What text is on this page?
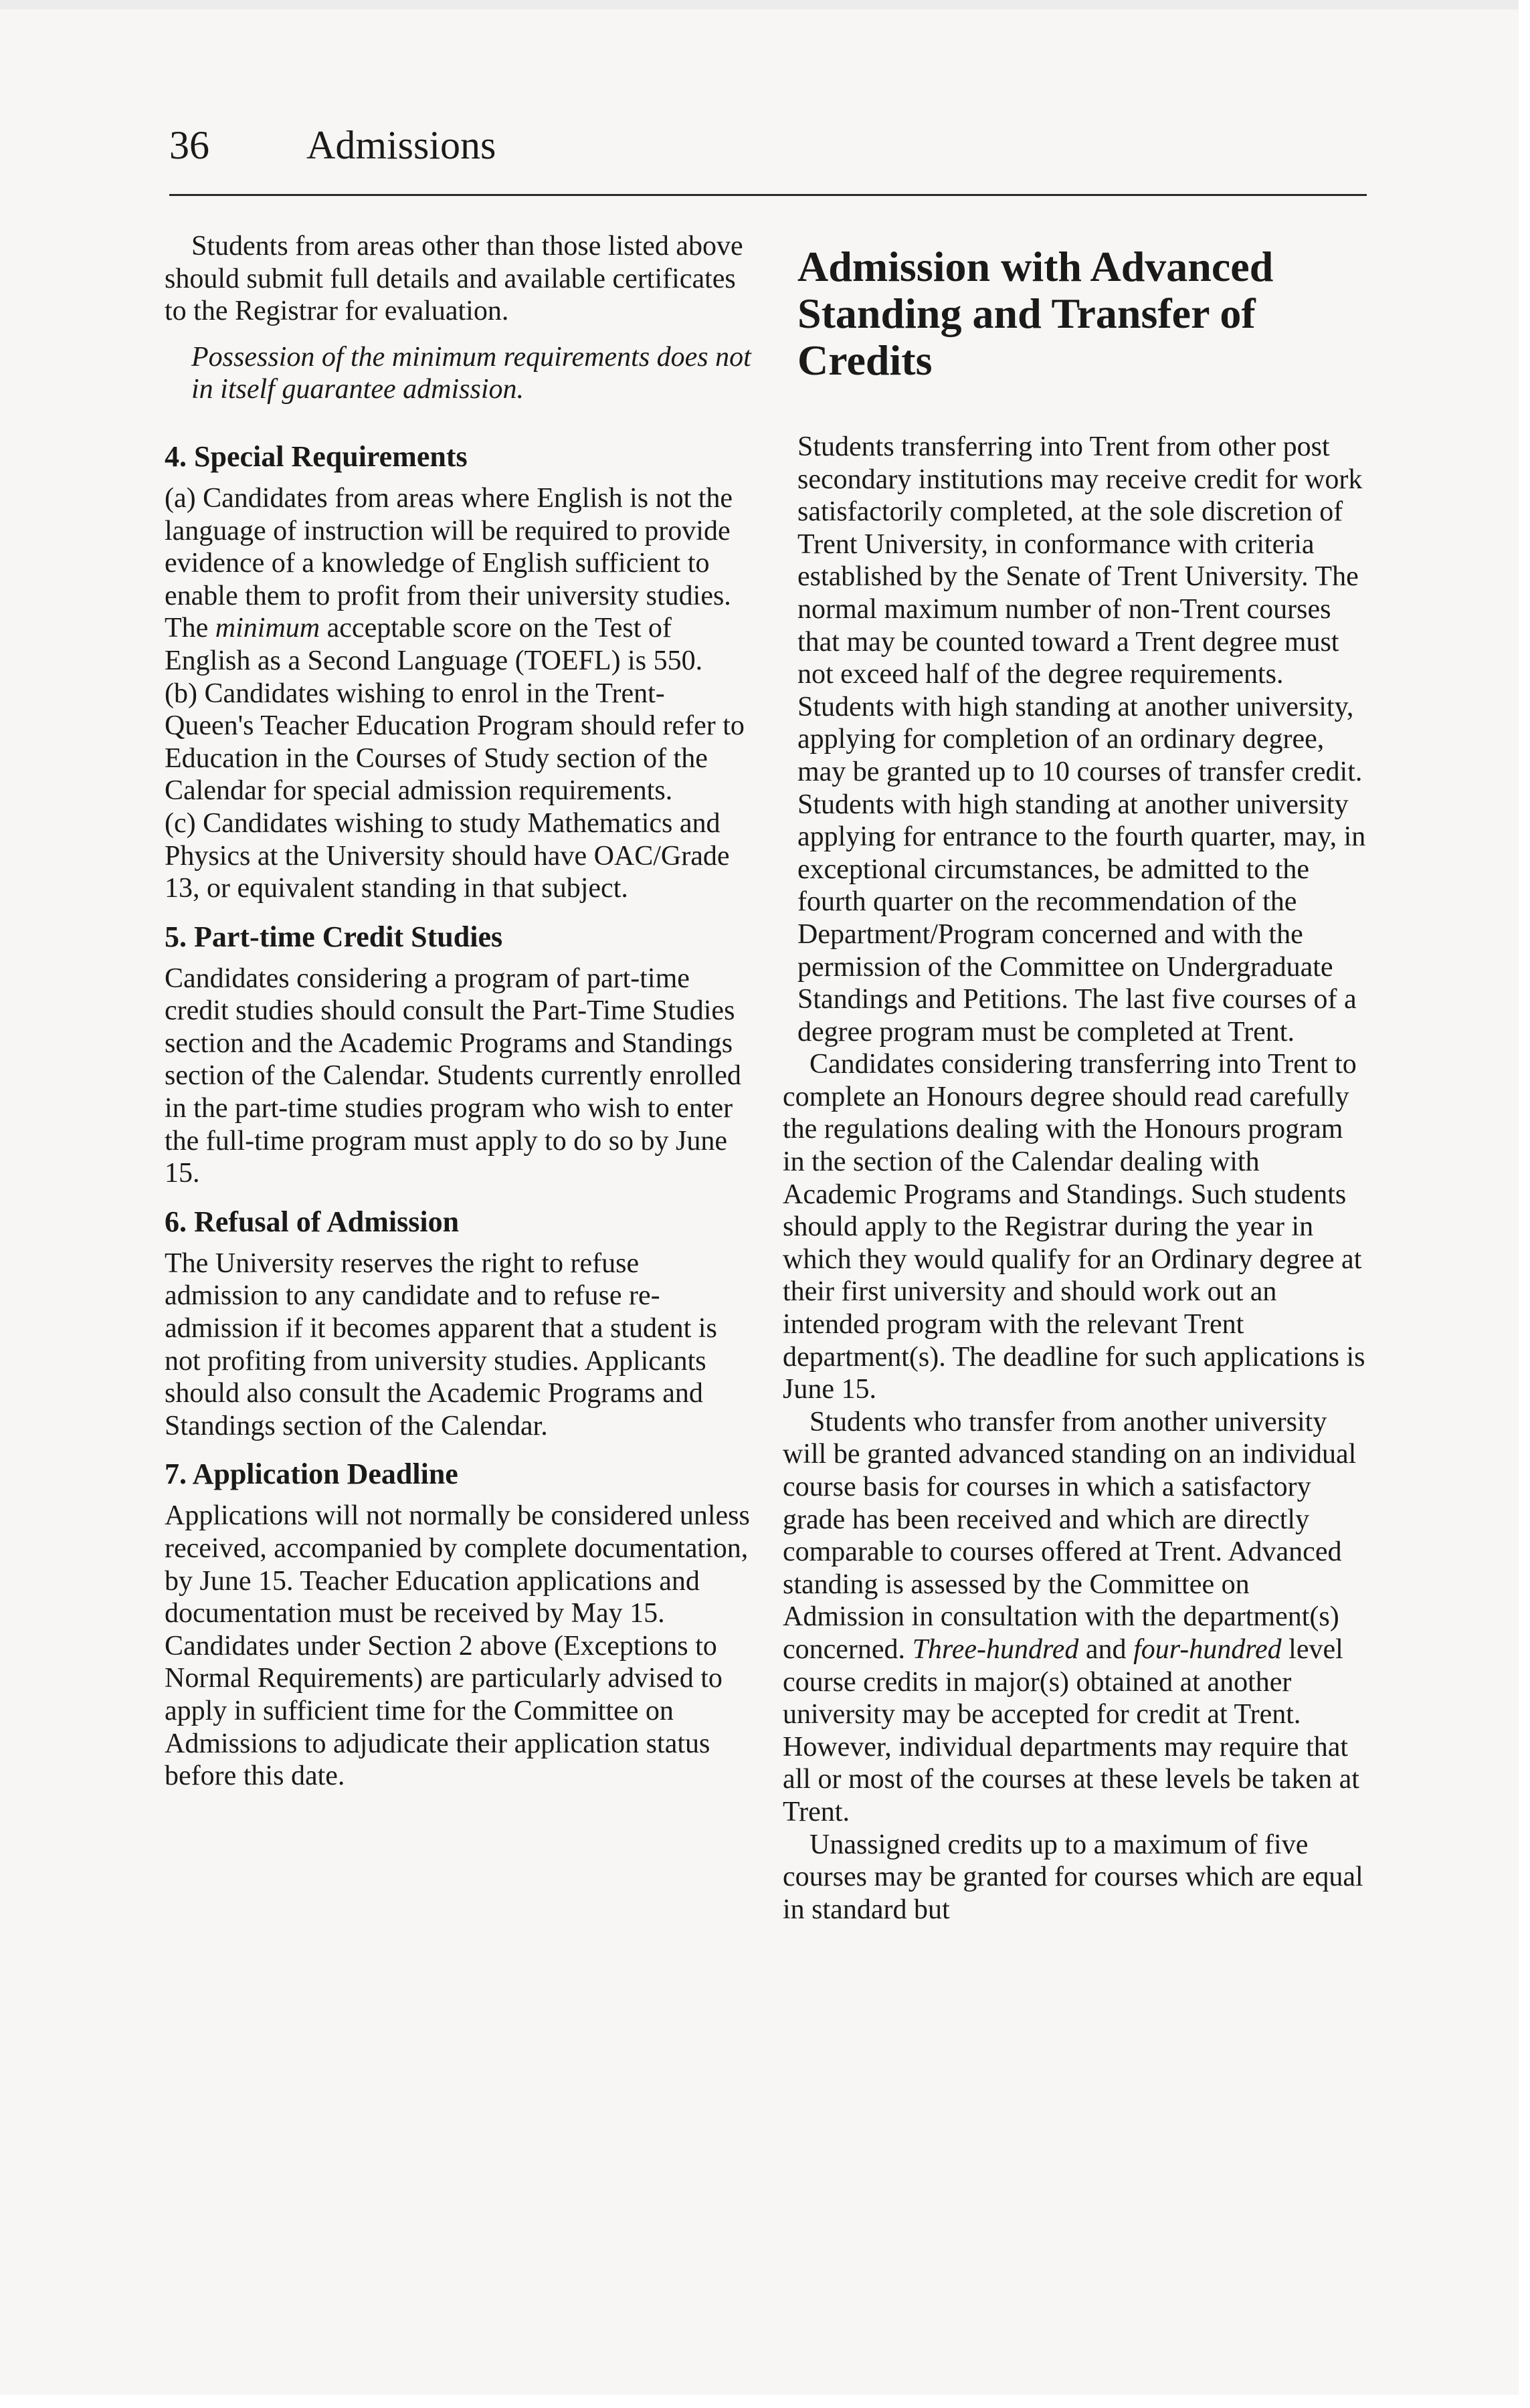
36 Admissions

Students from areas other than those listed above should submit full details and available certificates to the Registrar for evaluation.

Possession of the minimum requirements does not in itself guarantee admission.

4. Special Requirements

(a) Candidates from areas where English is not the language of instruction will be required to provide evidence of a knowledge of English sufficient to enable them to profit from their university studies. The minimum acceptable score on the Test of English as a Second Language (TOEFL) is 550.

(b) Candidates wishing to enrol in the Trent-Queen's Teacher Education Program should refer to Education in the Courses of Study section of the Calendar for special admission requirements.

(c) Candidates wishing to study Mathematics and Physics at the University should have OAC/Grade 13, or equivalent standing in that subject.

5. Part-time Credit Studies

Candidates considering a program of part-time credit studies should consult the Part-Time Studies section and the Academic Programs and Standings section of the Calendar. Students currently enrolled in the part-time studies program who wish to enter the full-time program must apply to do so by June 15.

6. Refusal of Admission

The University reserves the right to refuse admission to any candidate and to refuse re-admission if it becomes apparent that a student is not profiting from university studies. Applicants should also consult the Academic Programs and Standings section of the Calendar.

7. Application Deadline

Applications will not normally be considered unless received, accompanied by complete documentation, by June 15. Teacher Education applications and documentation must be received by May 15. Candidates under Section 2 above (Exceptions to Normal Requirements) are particularly advised to apply in sufficient time for the Committee on Admissions to adjudicate their application status before this date.

Admission with Advanced Standing and Transfer of Credits

Students transferring into Trent from other post secondary institutions may receive credit for work satisfactorily completed, at the sole discretion of Trent University, in conformance with criteria established by the Senate of Trent University. The normal maximum number of non-Trent courses that may be counted toward a Trent degree must not exceed half of the degree requirements. Students with high standing at another university, applying for completion of an ordinary degree, may be granted up to 10 courses of transfer credit. Students with high standing at another university applying for entrance to the fourth quarter, may, in exceptional circumstances, be admitted to the fourth quarter on the recommendation of the Department/Program concerned and with the permission of the Committee on Undergraduate Standings and Petitions. The last five courses of a degree program must be completed at Trent.

Candidates considering transferring into Trent to complete an Honours degree should read carefully the regulations dealing with the Honours program in the section of the Calendar dealing with Academic Programs and Standings. Such students should apply to the Registrar during the year in which they would qualify for an Ordinary degree at their first university and should work out an intended program with the relevant Trent department(s). The deadline for such applications is June 15.

Students who transfer from another university will be granted advanced standing on an individual course basis for courses in which a satisfactory grade has been received and which are directly comparable to courses offered at Trent. Advanced standing is assessed by the Committee on Admission in consultation with the department(s) concerned. Three-hundred and four-hundred level course credits in major(s) obtained at another university may be accepted for credit at Trent. However, individual departments may require that all or most of the courses at these levels be taken at Trent.

Unassigned credits up to a maximum of five courses may be granted for courses which are equal in standard but
